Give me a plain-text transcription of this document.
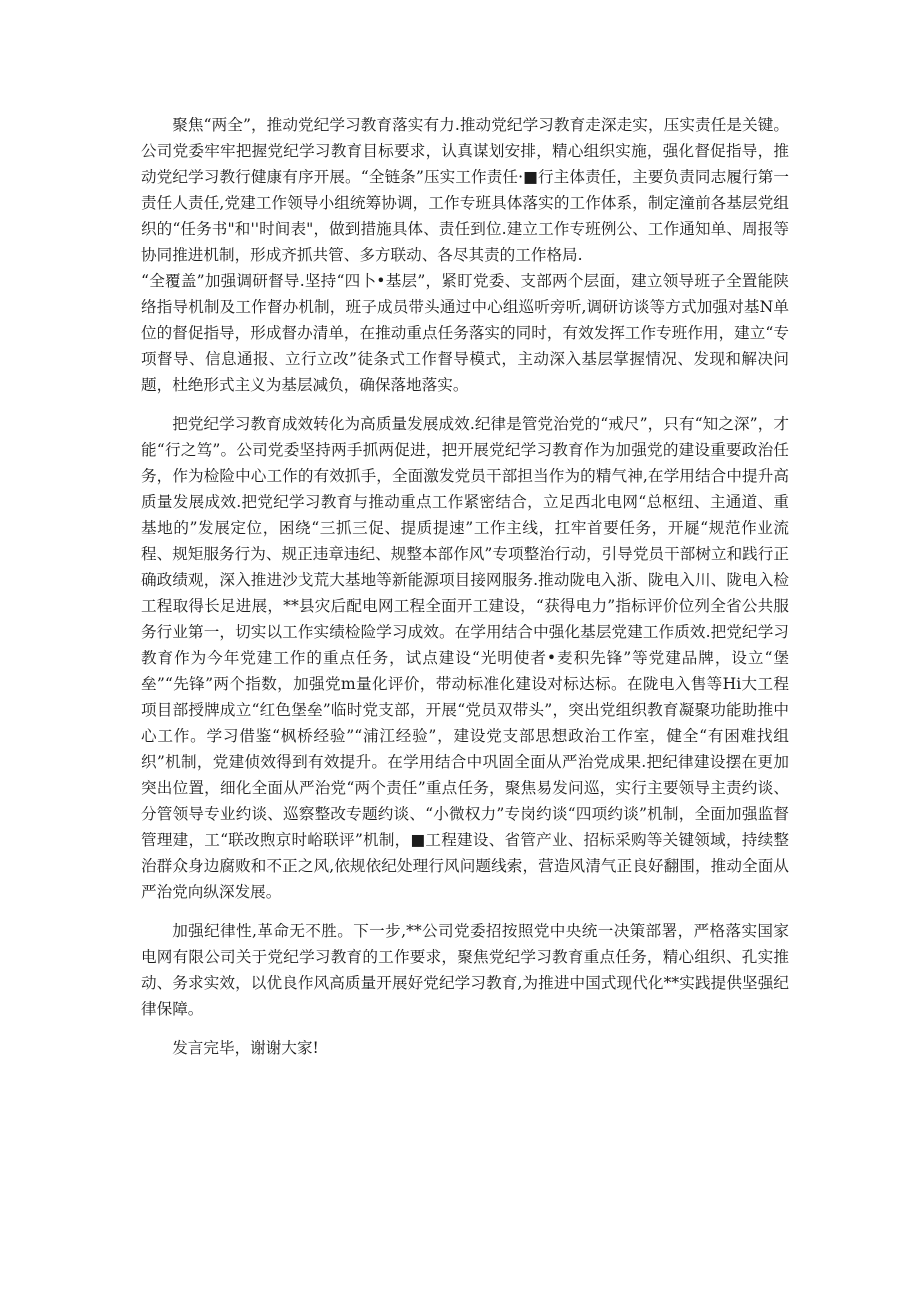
聚焦“两全”，推动党纪学习教育落实有力.推动党纪学习教育走深走实，压实责任是关键。公司党委牢牢把握党纪学习教育目标要求，认真谋划安排，精心组织实施，强化督促指导，推动党纪学习教行健康有序开展。“全链条”压实工作责任·■行主体责任，主要负责同志履行第一责任人责任,党建工作领导小组统筹协调，工作专班具体落实的工作体系，制定潼前各基层党组织的“任务书"和''时间表"，做到措施具体、责任到位.建立工作专班例公、工作通知单、周报等协同推进机制，形成齐抓共管、多方联动、各尽其责的工作格局.

“全覆盖”加强调研督导.坚持“四卜•基层”，紧盯党委、支部两个层面，建立领导班子全置能陕络指导机制及工作督办机制，班子成员带头通过中心组巡听旁听,调研访谈等方式加强对基N单位的督促指导，形成督办清单，在推动重点任务落实的同时，有效发挥工作专班作用，建立“专项督导、信息通报、立行立改”徒条式工作督导模式，主动深入基层掌握情况、发现和解决问题，杜绝形式主义为基层减负，确保落地落实。

把党纪学习教育成效转化为高质量发展成效.纪律是管党治党的“戒尺”，只有“知之深”，才能“行之笃”。公司党委坚持两手抓两促进，把开展党纪学习教育作为加强党的建设重要政治任务，作为检险中心工作的有效抓手，全面激发党员干部担当作为的精气神,在学用结合中提升高质量发展成效.把党纪学习教育与推动重点工作紧密结合，立足西北电网“总枢纽、主通道、重基地的”发展定位，困绕“三抓三促、提质提速”工作主线，扛牢首要任务，开屣“规范作业流程、规矩服务行为、规正违章违纪、规整本部作风”专项整治行动，引导党员干部树立和践行正确政绩观，深入推进沙戈荒大基地等新能源项目接网服务.推动陇电入浙、陇电入川、陇电入检工程取得长足进展，**县灾后配电网工程全面开工建设，“获得电力”指标评价位列全省公共服务行业第一，切实以工作实绩检险学习成效。在学用结合中强化基层党建工作质效.把党纪学习教育作为今年党建工作的重点任务，试点建设“光明使者•麦积先锋”等党建品牌，设立“堡垒”“先锋”两个指数，加强党m量化评价，带动标准化建设对标达标。在陇电入售等Hi大工程项目部授牌成立“红色堡垒”临时党支部，开展“党员双带头”，突出党组织教育凝聚功能助推中心工作。学习借鉴“枫桥经验”“浦江经验”，建设党支部思想政治工作室，健全“有困难找组织”机制，党建侦效得到有效提升。在学用结合中巩固全面从严治党成果.把纪律建设摆在更加突出位置，细化全面从严治党“两个责任”重点任务，聚焦易发问巡，实行主要领导主责约谈、分管领导专业约谈、巡察整改专题约谈、“小微权力”专岗约谈“四项约谈”机制，全面加强监督管理建，工“联改煦京时峪联评”机制，■工程建设、省管产业、招标采购等关键领域，持续整治群众身边腐败和不正之风,依规依纪处理行风问题线索，营造风清气正良好翻围，推动全面从严治党向纵深发展。

加强纪律性,革命无不胜。下一步,**公司党委招按照党中央统一决策部署，严格落实国家电网有限公司关于党纪学习教育的工作要求，聚焦党纪学习教育重点任务，精心组织、孔实推动、务求实效，以优良作风高质量开展好党纪学习教育,为推进中国式现代化**实践提供坚强纪律保障。

发言完毕，谢谢大家!
